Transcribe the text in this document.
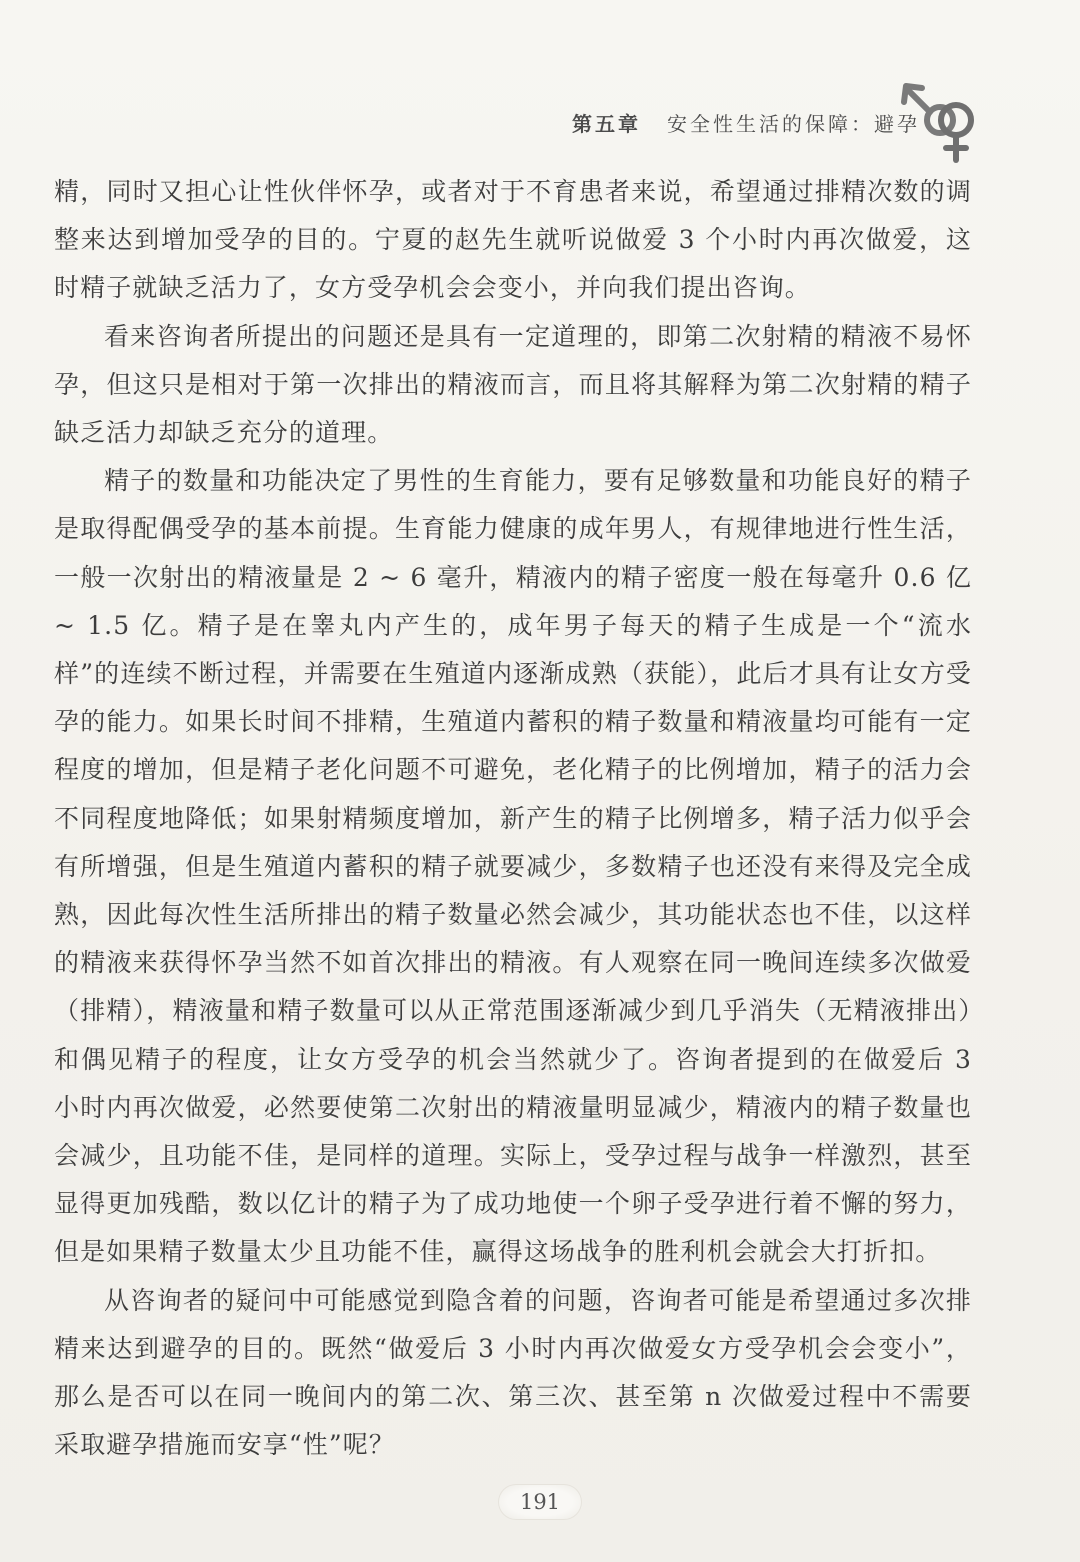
第五章 安全性生活的保障：避孕

精，同时又担心让性伙伴怀孕，或者对于不育患者来说，希望通过排精次数的调整来达到增加受孕的目的。宁夏的赵先生就听说做爱 3 个小时内再次做爱，这时精子就缺乏活力了，女方受孕机会会变小，并向我们提出咨询。

看来咨询者所提出的问题还是具有一定道理的，即第二次射精的精液不易怀孕，但这只是相对于第一次排出的精液而言，而且将其解释为第二次射精的精子缺乏活力却缺乏充分的道理。

精子的数量和功能决定了男性的生育能力，要有足够数量和功能良好的精子是取得配偶受孕的基本前提。生育能力健康的成年男人，有规律地进行性生活，一般一次射出的精液量是 2 ~ 6 毫升，精液内的精子密度一般在每毫升 0.6 亿 ~ 1.5 亿。精子是在睾丸内产生的，成年男子每天的精子生成是一个“流水样”的连续不断过程，并需要在生殖道内逐渐成熟（获能），此后才具有让女方受孕的能力。如果长时间不排精，生殖道内蓄积的精子数量和精液量均可能有一定程度的增加，但是精子老化问题不可避免，老化精子的比例增加，精子的活力会不同程度地降低；如果射精频度增加，新产生的精子比例增多，精子活力似乎会有所增强，但是生殖道内蓄积的精子就要减少，多数精子也还没有来得及完全成熟，因此每次性生活所排出的精子数量必然会减少，其功能状态也不佳，以这样的精液来获得怀孕当然不如首次排出的精液。有人观察在同一晚间连续多次做爱（排精），精液量和精子数量可以从正常范围逐渐减少到几乎消失（无精液排出）和偶见精子的程度，让女方受孕的机会当然就少了。咨询者提到的在做爱后 3 小时内再次做爱，必然要使第二次射出的精液量明显减少，精液内的精子数量也会减少，且功能不佳，是同样的道理。实际上，受孕过程与战争一样激烈，甚至显得更加残酷，数以亿计的精子为了成功地使一个卵子受孕进行着不懈的努力，但是如果精子数量太少且功能不佳，赢得这场战争的胜利机会就会大打折扣。

从咨询者的疑问中可能感觉到隐含着的问题，咨询者可能是希望通过多次排精来达到避孕的目的。既然“做爱后 3 小时内再次做爱女方受孕机会会变小”，那么是否可以在同一晚间内的第二次、第三次、甚至第 n 次做爱过程中不需要采取避孕措施而安享“性”呢？

191
